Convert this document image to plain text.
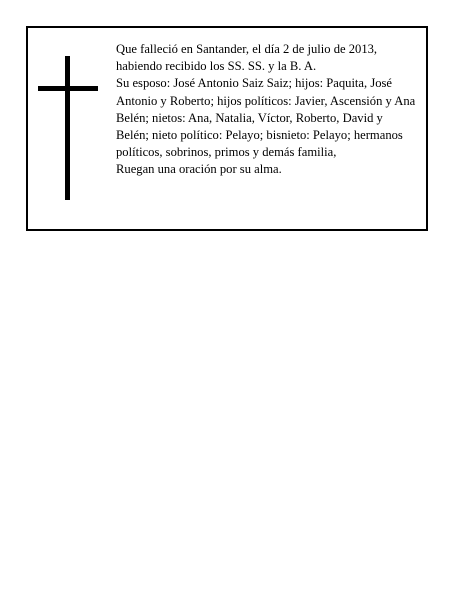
Que falleció en Santander, el día 2 de julio de 2013, habiendo recibido los SS. SS. y la B. A.

Su esposo: José Antonio Saiz Saiz; hijos: Paquita, José Antonio y Roberto; hijos políticos: Javier, Ascensión y Ana Belén; nietos: Ana, Natalia, Víctor, Roberto, David y Belén; nieto político: Pelayo; bisnieto: Pelayo; hermanos políticos, sobrinos, primos y demás familia,

Ruegan una oración por su alma.
